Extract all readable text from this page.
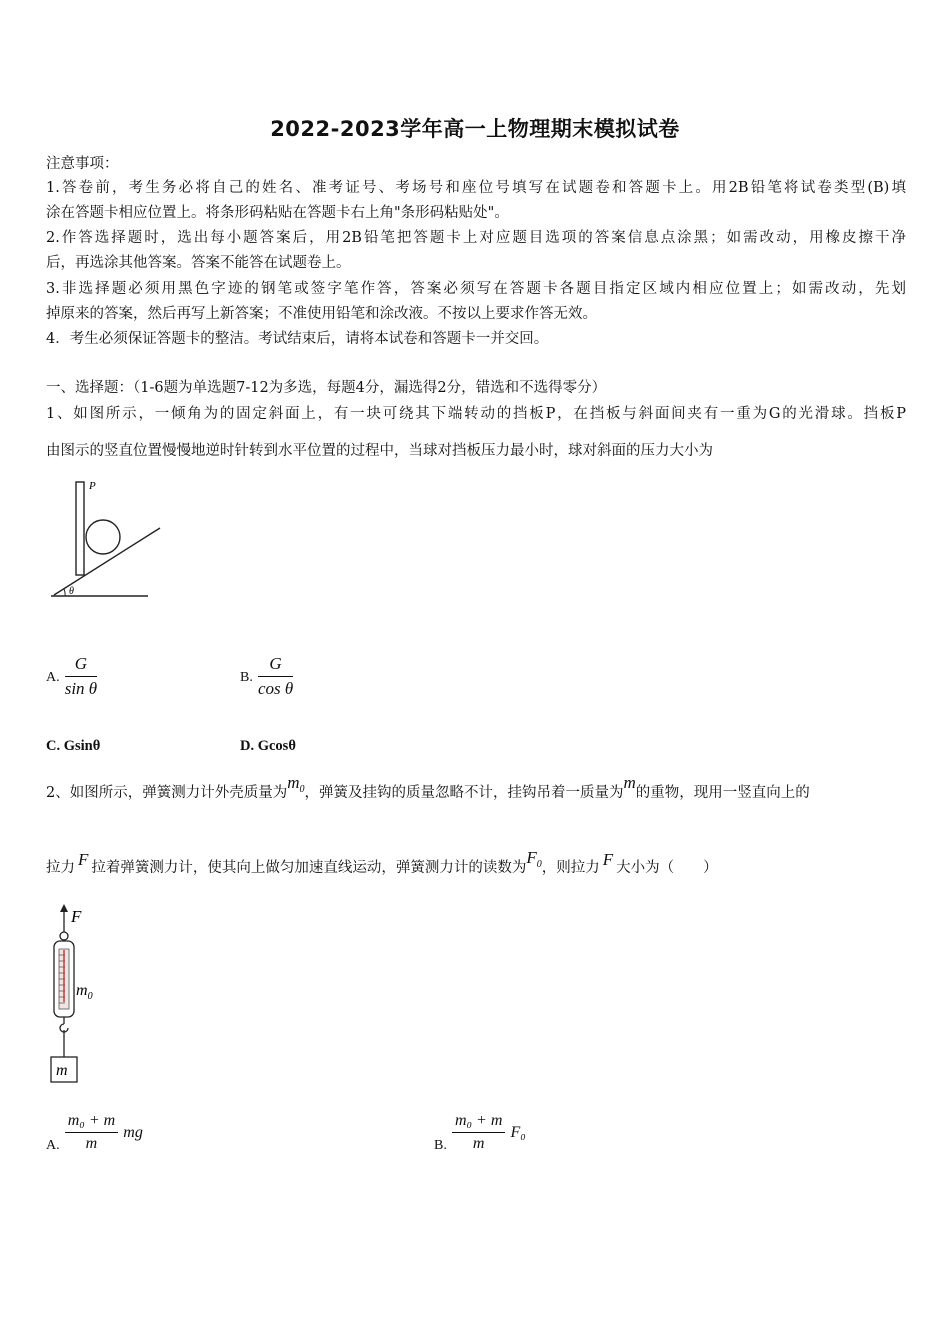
2022-2023学年高一上物理期末模拟试卷
注意事项：
1.答卷前，考生务必将自己的姓名、准考证号、考场号和座位号填写在试题卷和答题卡上。用2B铅笔将试卷类型(B)填
涂在答题卡相应位置上。将条形码粘贴在答题卡右上角"条形码粘贴处"。
2.作答选择题时，选出每小题答案后，用2B铅笔把答题卡上对应题目选项的答案信息点涂黑；如需改动，用橡皮擦干净
后，再选涂其他答案。答案不能答在试题卷上。
3.非选择题必须用黑色字迹的钢笔或签字笔作答，答案必须写在答题卡各题目指定区域内相应位置上；如需改动，先划
掉原来的答案，然后再写上新答案；不准使用铅笔和涂改液。不按以上要求作答无效。
4．考生必须保证答题卡的整洁。考试结束后，请将本试卷和答题卡一并交回。
一、选择题：（1-6题为单选题7-12为多选，每题4分，漏选得2分，错选和不选得零分）
1、如图所示，一倾角为的固定斜面上，有一块可绕其下端转动的挡板P，在挡板与斜面间夹有一重为G的光滑球。挡板P
由图示的竖直位置慢慢地逆时针转到水平位置的过程中，当球对挡板压力最小时，球对斜面的压力大小为
P
θ
A. $\frac{G}{\text{sin θ}}$	B. $\frac{G}{\text{cos θ}}$
C. Gsinθ	D. Gcosθ
2、如图所示，弹簧测力计外壳质量为$m_0$，弹簧及挂钩的质量忽略不计，挂钩吊着一质量为m的重物，现用一竖直向上的
拉力 F 拉着弹簧测力计，使其向上做匀加速直线运动，弹簧测力计的读数为$F_0$，则拉力 F 大小为（　　）
F
$m_0$
m
A. $\frac{\text{m₀ + m}}{m}$ mg
B. $\frac{\text{m₀ + m}}{m} F_0$
